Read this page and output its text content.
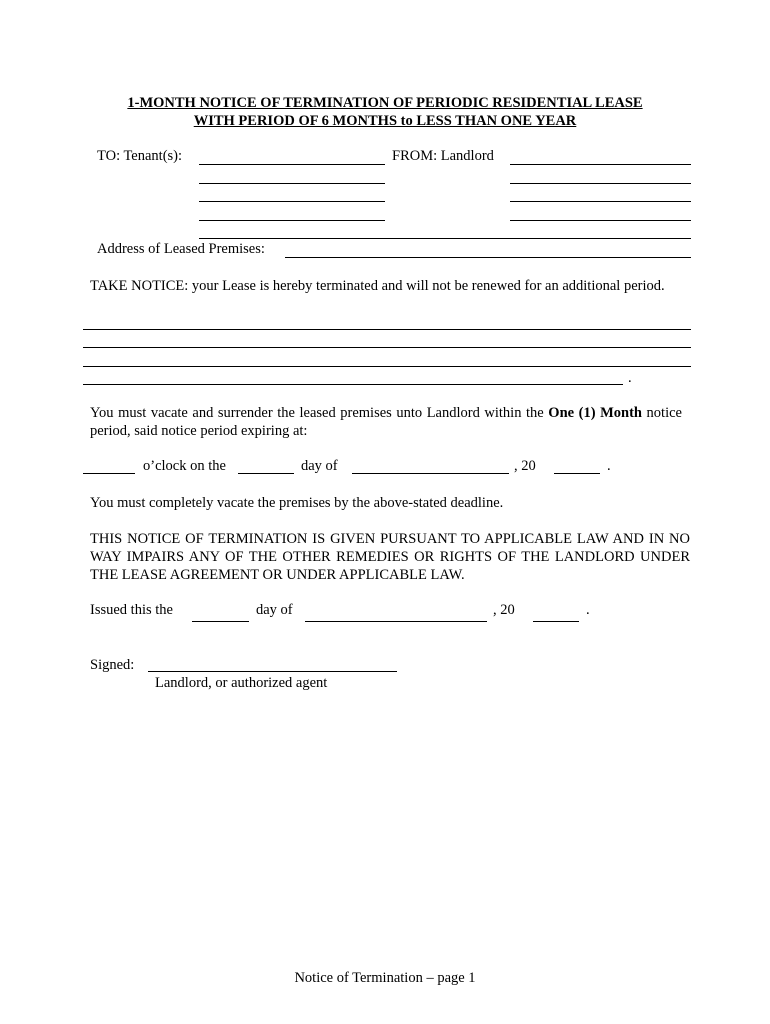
1-MONTH NOTICE OF TERMINATION OF PERIODIC RESIDENTIAL LEASE
WITH PERIOD OF 6 MONTHS to LESS THAN ONE YEAR
TO: Tenant(s):	FROM: Landlord
Address of Leased Premises:
TAKE NOTICE: your Lease is hereby terminated and will not be renewed for an additional period.
.
You must vacate and surrender the leased premises unto Landlord within the One (1) Month notice period, said notice period expiring at:
o’clock on the	day of	, 20	.
You must completely vacate the premises by the above-stated deadline.
THIS NOTICE OF TERMINATION IS GIVEN PURSUANT TO APPLICABLE LAW AND IN NO WAY IMPAIRS ANY OF THE OTHER REMEDIES OR RIGHTS OF THE LANDLORD UNDER THE LEASE AGREEMENT OR UNDER APPLICABLE LAW.
Issued this the	day of	, 20	.
Signed:
Landlord, or authorized agent
Notice of Termination – page 1
